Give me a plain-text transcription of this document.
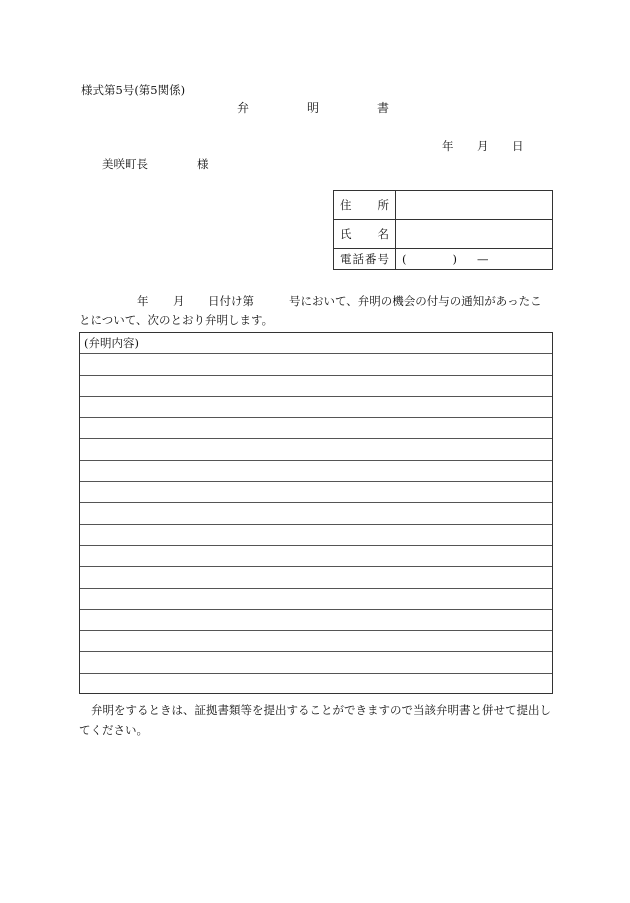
様式第5号(第5関係)
弁	明	書
年 月 日
美咲町長	様
住所	
氏名	
電話番号	( ) —
年 月 日付け第	号において、弁明の機会の付与の通知があったこ
とについて、次のとおり弁明します。
(弁明内容)
弁明をするときは、証拠書類等を提出することができますので当該弁明書と併せて提出してください。
